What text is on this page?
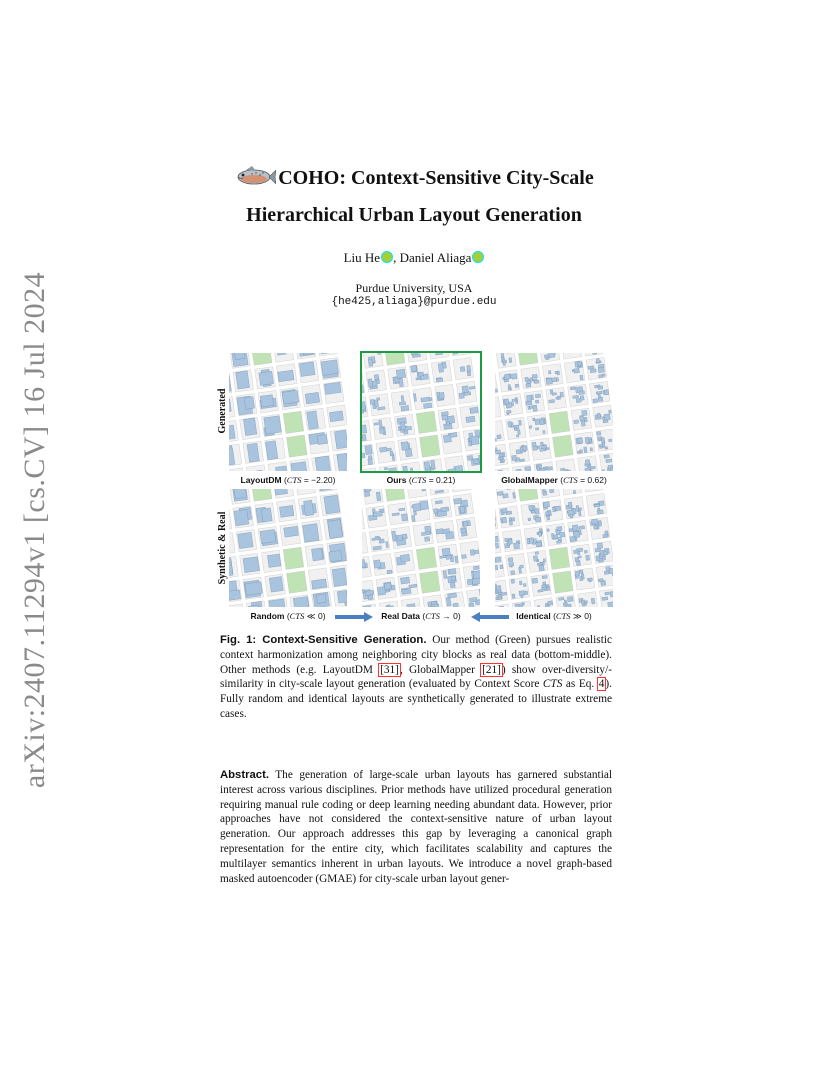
arXiv:2407.11294v1 [cs.CV] 16 Jul 2024
COHO: Context-Sensitive City-Scale
Hierarchical Urban Layout Generation
Liu He , Daniel Aliaga
Purdue University, USA
{he425,aliaga}@purdue.edu
Generated
Synthetic & Real
LayoutDM (CTS = −2.20)	Ours (CTS = 0.21)	GlobalMapper (CTS = 0.62)
Random (CTS ≪ 0)	Real Data (CTS → 0)	Identical (CTS ≫ 0)
Fig. 1: Context-Sensitive Generation. Our method (Green) pursues realistic context harmonization among neighboring city blocks as real data (bottom-middle). Other methods (e.g. LayoutDM [31], GlobalMapper [21]) show over-diversity/-similarity in city-scale layout generation (evaluated by Context Score CTS as Eq. 4). Fully random and identical layouts are synthetically generated to illustrate extreme cases.
Abstract. The generation of large-scale urban layouts has garnered substantial interest across various disciplines. Prior methods have utilized procedural generation requiring manual rule coding or deep learning needing abundant data. However, prior approaches have not considered the context-sensitive nature of urban layout generation. Our approach addresses this gap by leveraging a canonical graph representation for the entire city, which facilitates scalability and captures the multilayer semantics inherent in urban layouts. We introduce a novel graph-based masked autoencoder (GMAE) for city-scale urban layout gener-
